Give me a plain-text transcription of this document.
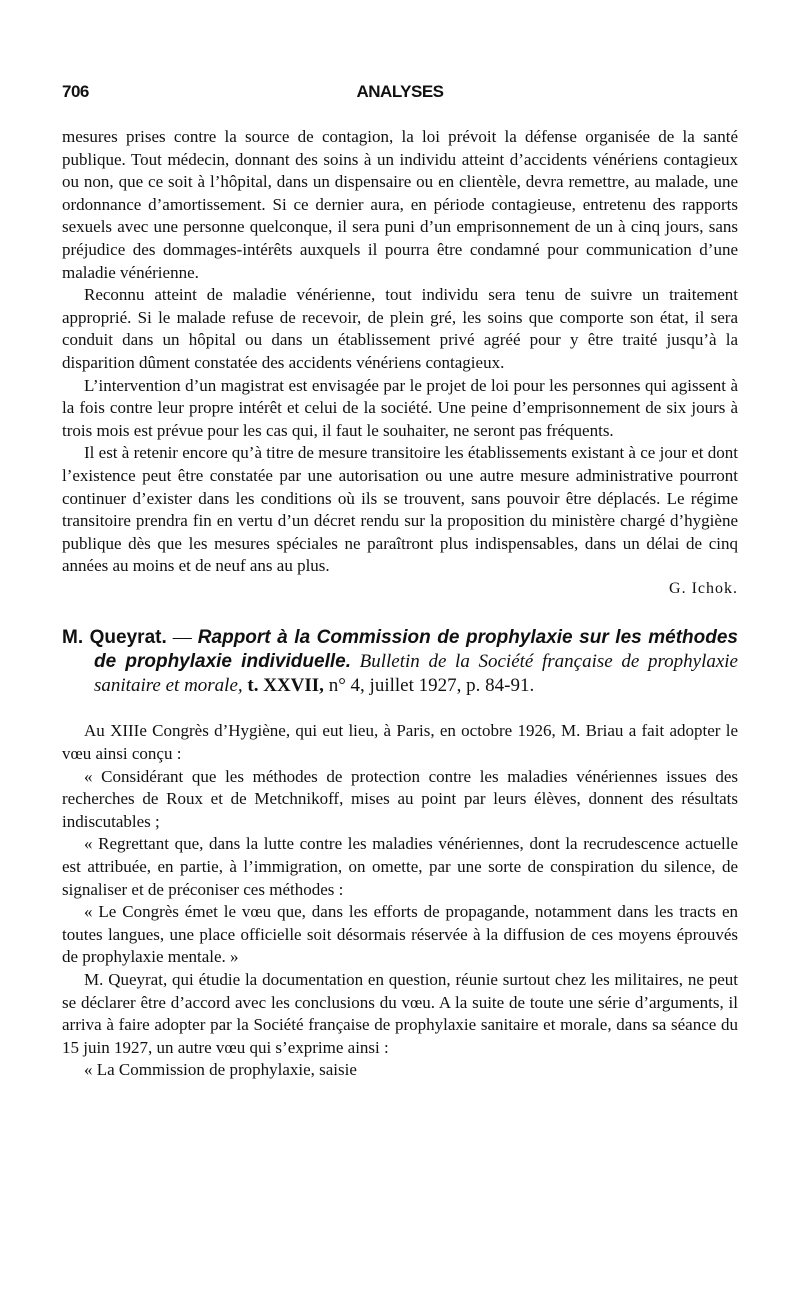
706	ANALYSES

mesures prises contre la source de contagion, la loi prévoit la défense organisée de la santé publique. Tout médecin, donnant des soins à un individu atteint d’accidents vénériens contagieux ou non, que ce soit à l’hôpital, dans un dispensaire ou en clientèle, devra remettre, au malade, une ordonnance d’amortissement. Si ce dernier aura, en période contagieuse, entretenu des rapports sexuels avec une personne quelconque, il sera puni d’un emprisonnement de un à cinq jours, sans préjudice des dommages-intérêts auxquels il pourra être condamné pour communication d’une maladie vénérienne.

Reconnu atteint de maladie vénérienne, tout individu sera tenu de suivre un traitement approprié. Si le malade refuse de recevoir, de plein gré, les soins que comporte son état, il sera conduit dans un hôpital ou dans un établissement privé agréé pour y être traité jusqu’à la disparition dûment constatée des accidents vénériens contagieux.

L’intervention d’un magistrat est envisagée par le projet de loi pour les personnes qui agissent à la fois contre leur propre intérêt et celui de la société. Une peine d’emprisonnement de six jours à trois mois est prévue pour les cas qui, il faut le souhaiter, ne seront pas fréquents.

Il est à retenir encore qu’à titre de mesure transitoire les établissements existant à ce jour et dont l’existence peut être constatée par une autorisation ou une autre mesure administrative pourront continuer d’exister dans les conditions où ils se trouvent, sans pouvoir être déplacés. Le régime transitoire prendra fin en vertu d’un décret rendu sur la proposition du ministère chargé d’hygiène publique dès que les mesures spéciales ne paraîtront plus indispensables, dans un délai de cinq années au moins et de neuf ans au plus.

G. Ichok.

M. Queyrat. — Rapport à la Commission de prophylaxie sur les méthodes de prophylaxie individuelle. Bulletin de la Société française de prophylaxie sanitaire et morale, t. XXVII, n° 4, juillet 1927, p. 84-91.

Au XIIIe Congrès d’Hygiène, qui eut lieu, à Paris, en octobre 1926, M. Briau a fait adopter le vœu ainsi conçu :

« Considérant que les méthodes de protection contre les maladies vénériennes issues des recherches de Roux et de Metchnikoff, mises au point par leurs élèves, donnent des résultats indiscutables ;

« Regrettant que, dans la lutte contre les maladies vénériennes, dont la recrudescence actuelle est attribuée, en partie, à l’immigration, on omette, par une sorte de conspiration du silence, de signaliser et de préconiser ces méthodes :

« Le Congrès émet le vœu que, dans les efforts de propagande, notamment dans les tracts en toutes langues, une place officielle soit désormais réservée à la diffusion de ces moyens éprouvés de prophylaxie mentale. »

M. Queyrat, qui étudie la documentation en question, réunie surtout chez les militaires, ne peut se déclarer être d’accord avec les conclusions du vœu. A la suite de toute une série d’arguments, il arriva à faire adopter par la Société française de prophylaxie sanitaire et morale, dans sa séance du 15 juin 1927, un autre vœu qui s’exprime ainsi :

« La Commission de prophylaxie, saisie
